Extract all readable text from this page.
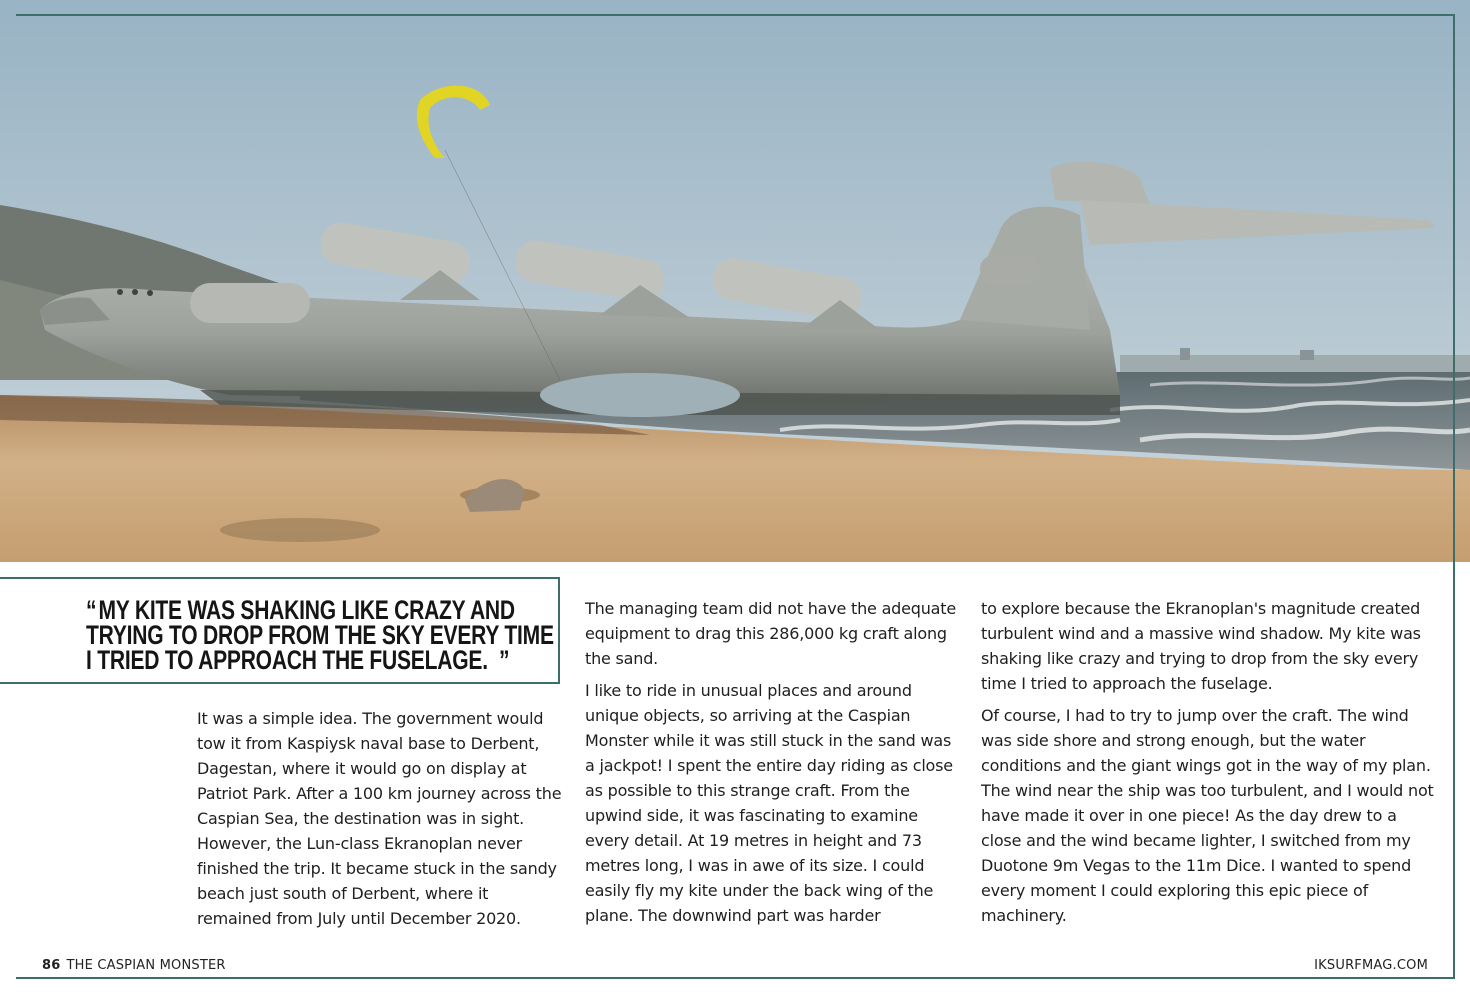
“MY KITE WAS SHAKING LIKE CRAZY AND TRYING TO DROP FROM THE SKY EVERY TIME I TRIED TO APPROACH THE FUSELAGE. ”

It was a simple idea. The government would tow it from Kaspiysk naval base to Derbent, Dagestan, where it would go on display at Patriot Park. After a 100 km journey across the Caspian Sea, the destination was in sight. However, the Lun-class Ekranoplan never finished the trip. It became stuck in the sandy beach just south of Derbent, where it remained from July until December 2020.

The managing team did not have the adequate equipment to drag this 286,000 kg craft along the sand.

I like to ride in unusual places and around unique objects, so arriving at the Caspian Monster while it was still stuck in the sand was a jackpot! I spent the entire day riding as close as possible to this strange craft. From the upwind side, it was fascinating to examine every detail. At 19 metres in height and 73 metres long, I was in awe of its size. I could easily fly my kite under the back wing of the plane. The downwind part was harder

to explore because the Ekranoplan's magnitude created turbulent wind and a massive wind shadow. My kite was shaking like crazy and trying to drop from the sky every time I tried to approach the fuselage.

Of course, I had to try to jump over the craft. The wind was side shore and strong enough, but the water conditions and the giant wings got in the way of my plan. The wind near the ship was too turbulent, and I would not have made it over in one piece! As the day drew to a close and the wind became lighter, I switched from my Duotone 9m Vegas to the 11m Dice. I wanted to spend every moment I could exploring this epic piece of machinery.

86 THE CASPIAN MONSTER	IKSURFMAG.COM
